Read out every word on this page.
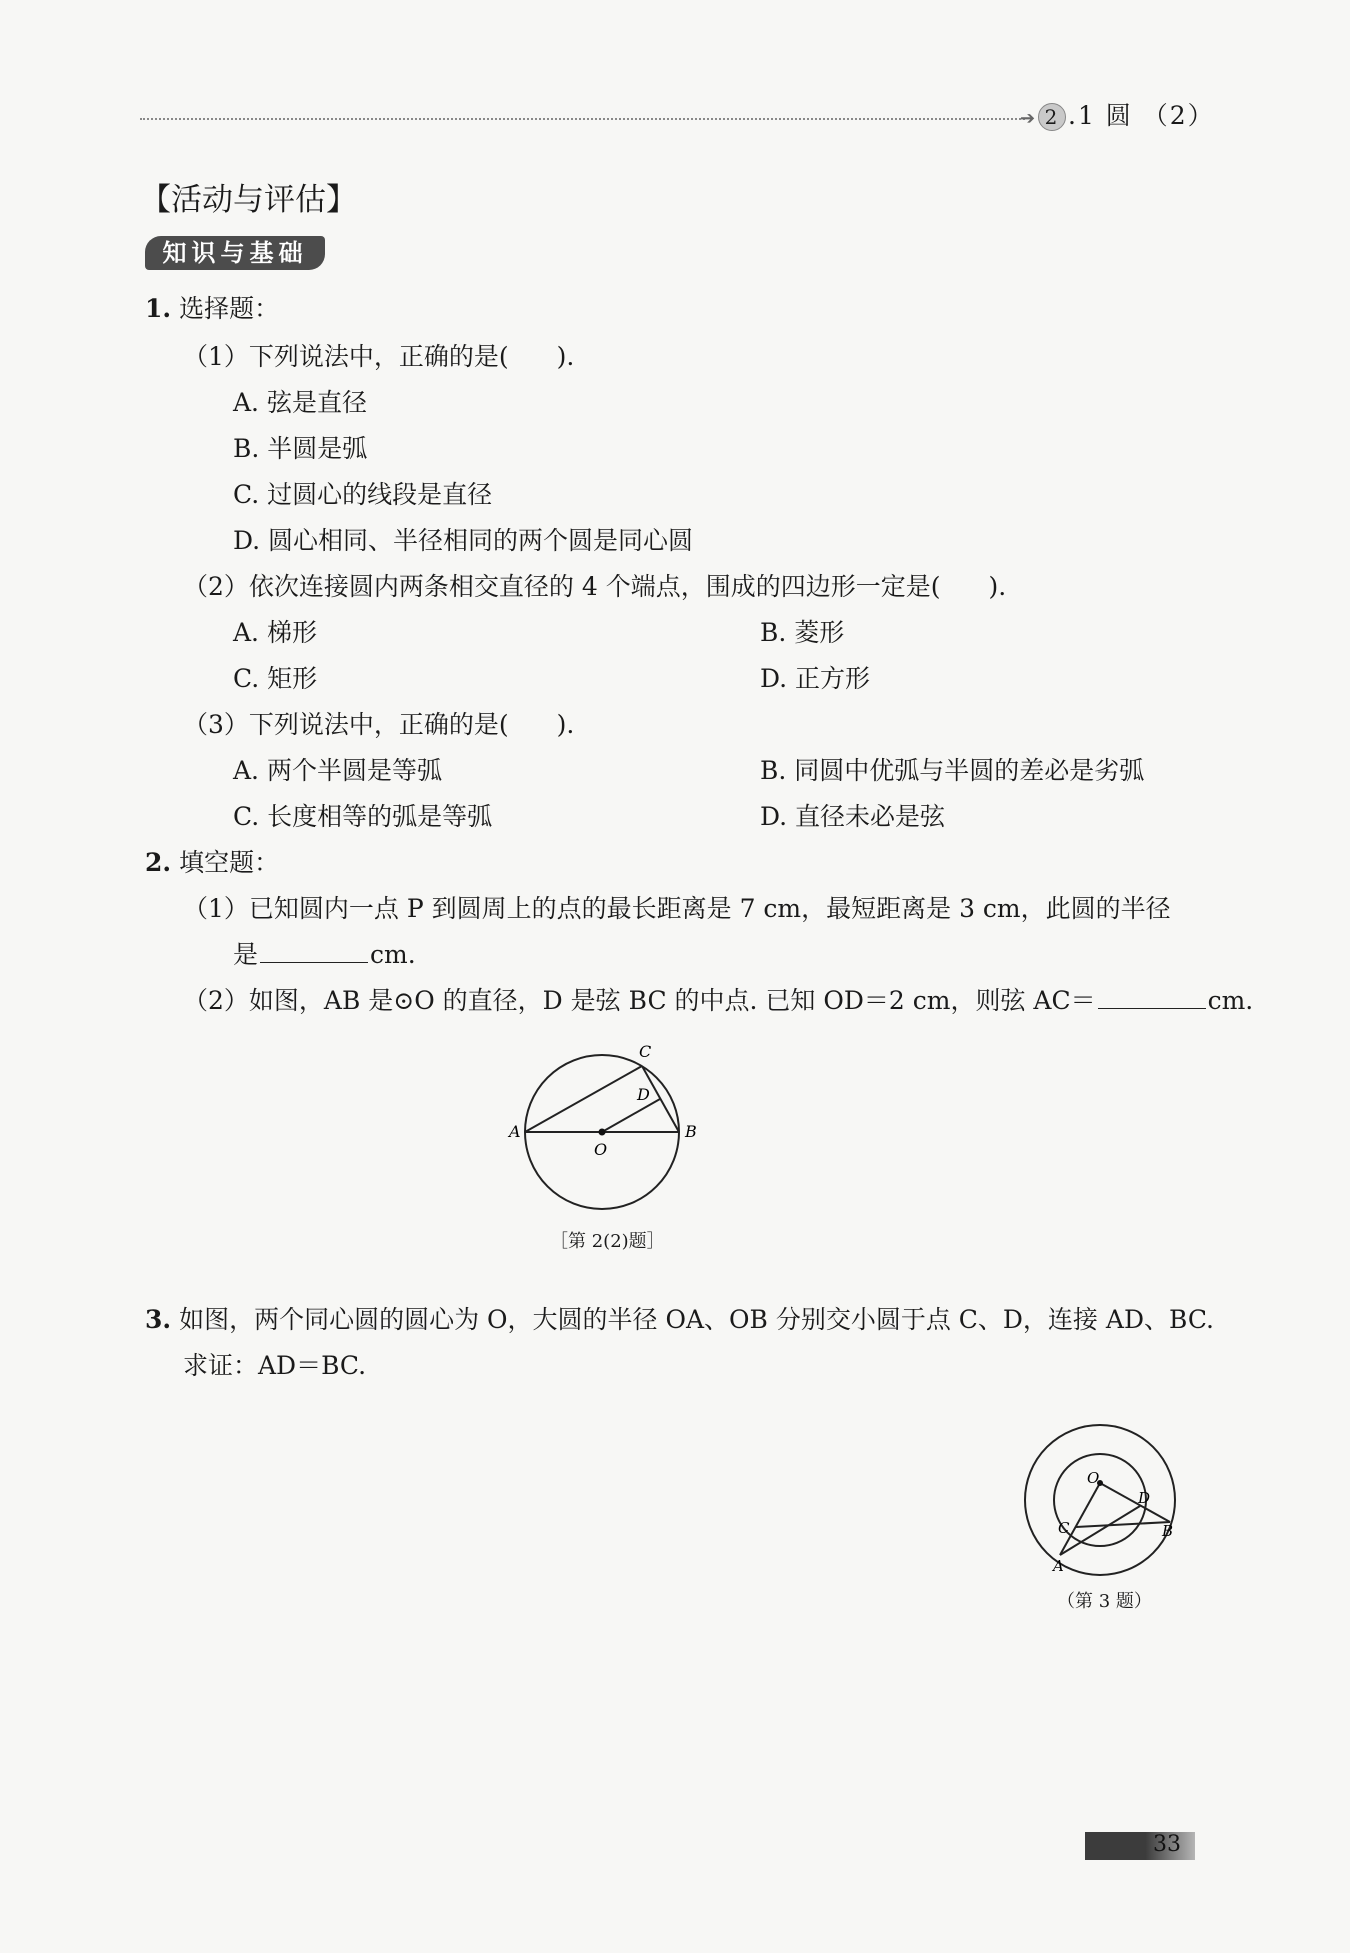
➔ 2 .1 圆 （2）
【活动与评估】
知识与基础
1. 选择题：
（1）下列说法中，正确的是( ).
A. 弦是直径
B. 半圆是弧
C. 过圆心的线段是直径
D. 圆心相同、半径相同的两个圆是同心圆
（2）依次连接圆内两条相交直径的 4 个端点，围成的四边形一定是( ).
A. 梯形	B. 菱形
C. 矩形	D. 正方形
（3）下列说法中，正确的是( ).
A. 两个半圆是等弧	B. 同圆中优弧与半圆的差必是劣弧
C. 长度相等的弧是等弧	D. 直径未必是弦
2. 填空题：
（1）已知圆内一点 P 到圆周上的点的最长距离是 7 cm，最短距离是 3 cm，此圆的半径
是	cm.
（2）如图，AB 是⊙O 的直径，D 是弦 BC 的中点. 已知 OD＝2 cm，则弦 AC＝	cm.
A	B
C
D
O
［第 2(2)题］
3. 如图，两个同心圆的圆心为 O，大圆的半径 OA、OB 分别交小圆于点 C、D，连接 AD、BC.
求证：AD＝BC.
O
A
B
C
D
（第 3 题）
33
